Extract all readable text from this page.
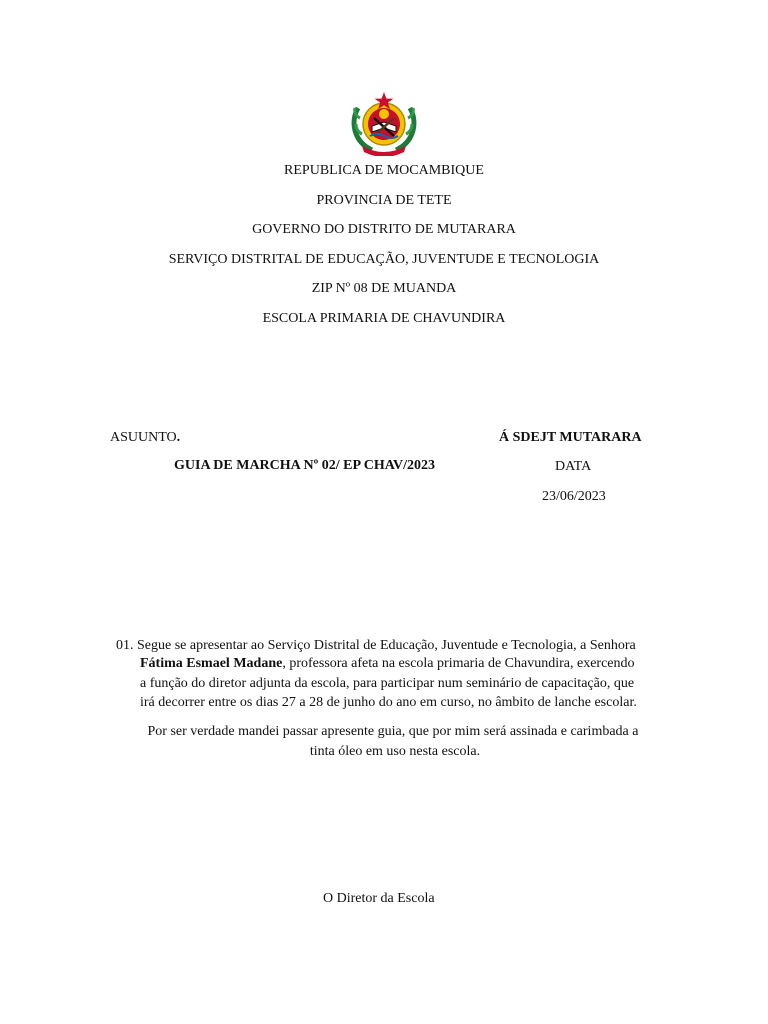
REPUBLICA DE MOCAMBIQUE
PROVINCIA DE TETE
GOVERNO DO DISTRITO DE MUTARARA
SERVIÇO DISTRITAL DE EDUCAÇÃO, JUVENTUDE E TECNOLOGIA
ZIP Nº 08 DE MUANDA
ESCOLA PRIMARIA DE CHAVUNDIRA
ASUUNTO.	Á SDEJT MUTARARA
GUIA DE MARCHA Nº 02/ EP CHAV/2023	DATA
23/06/2023
01. Segue se apresentar ao Serviço Distrital de Educação, Juventude e Tecnologia, a Senhora
Fátima Esmael Madane, professora afeta na escola primaria de Chavundira, exercendo
a função do diretor adjunta da escola, para participar num seminário de capacitação, que
irá decorrer entre os dias 27 a 28 de junho do ano em curso, no âmbito de lanche escolar.
Por ser verdade mandei passar apresente guia, que por mim será assinada e carimbada a
tinta óleo em uso nesta escola.
O Diretor da Escola
